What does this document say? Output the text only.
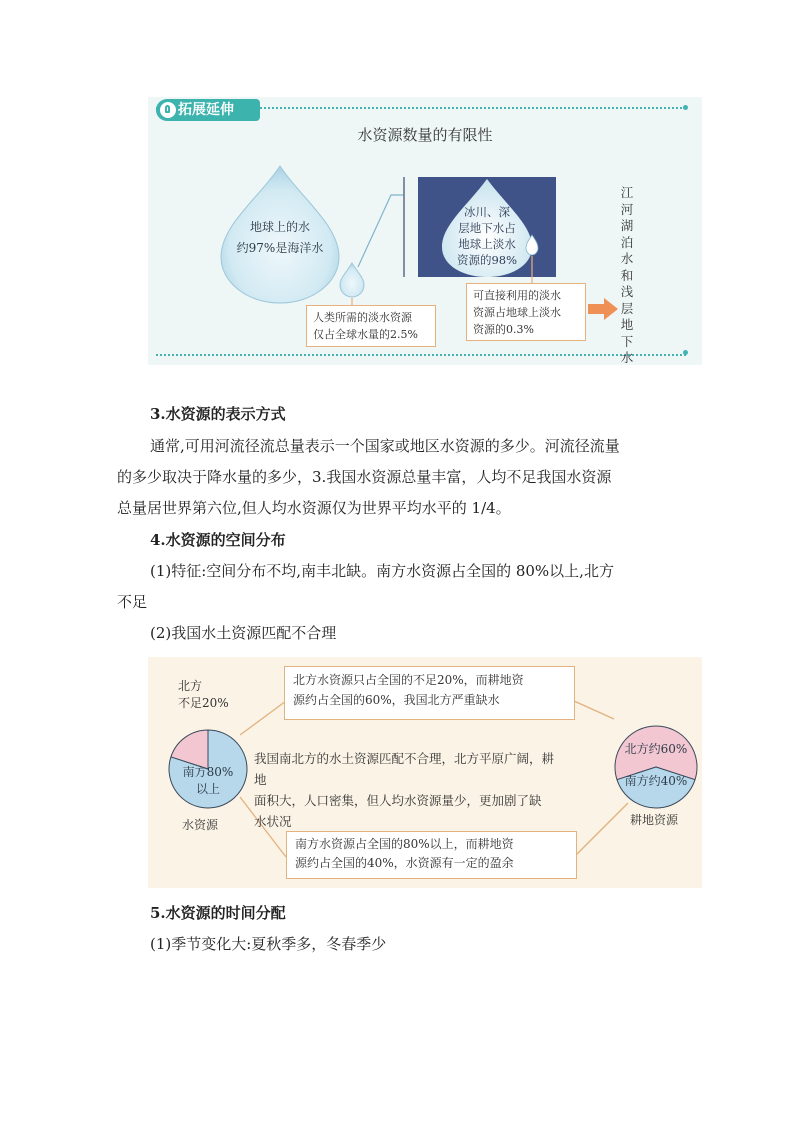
拓展延伸
水资源数量的有限性
地球上的水
约97%是海洋水
人类所需的淡水资源
仅占全球水量的2.5%
冰川、深
层地下水占
地球上淡水
资源的98%
可直接利用的淡水
资源占地球上淡水
资源的0.3%
江河湖泊水和浅层地下水
3.水资源的表示方式
通常,可用河流径流总量表示一个国家或地区水资源的多少。河流径流量
的多少取决于降水量的多少，3.我国水资源总量丰富，人均不足我国水资源
总量居世界第六位,但人均水资源仅为世界平均水平的 1/4。
4.水资源的空间分布
(1)特征:空间分布不均,南丰北缺。南方水资源占全国的 80%以上,北方
不足
(2)我国水土资源匹配不合理
北方水资源只占全国的不足20%，而耕地资
源约占全国的60%，我国北方严重缺水
我国南北方的水土资源匹配不合理，北方平原广阔，耕地
面积大，人口密集，但人均水资源量少，更加剧了缺
水状况
南方水资源占全国的80%以上，而耕地资
源约占全国的40%，水资源有一定的盈余
北方
不足20%
南方80%
以上
水资源
北方约60%
南方约40%
耕地资源
5.水资源的时间分配
(1)季节变化大:夏秋季多，冬春季少
